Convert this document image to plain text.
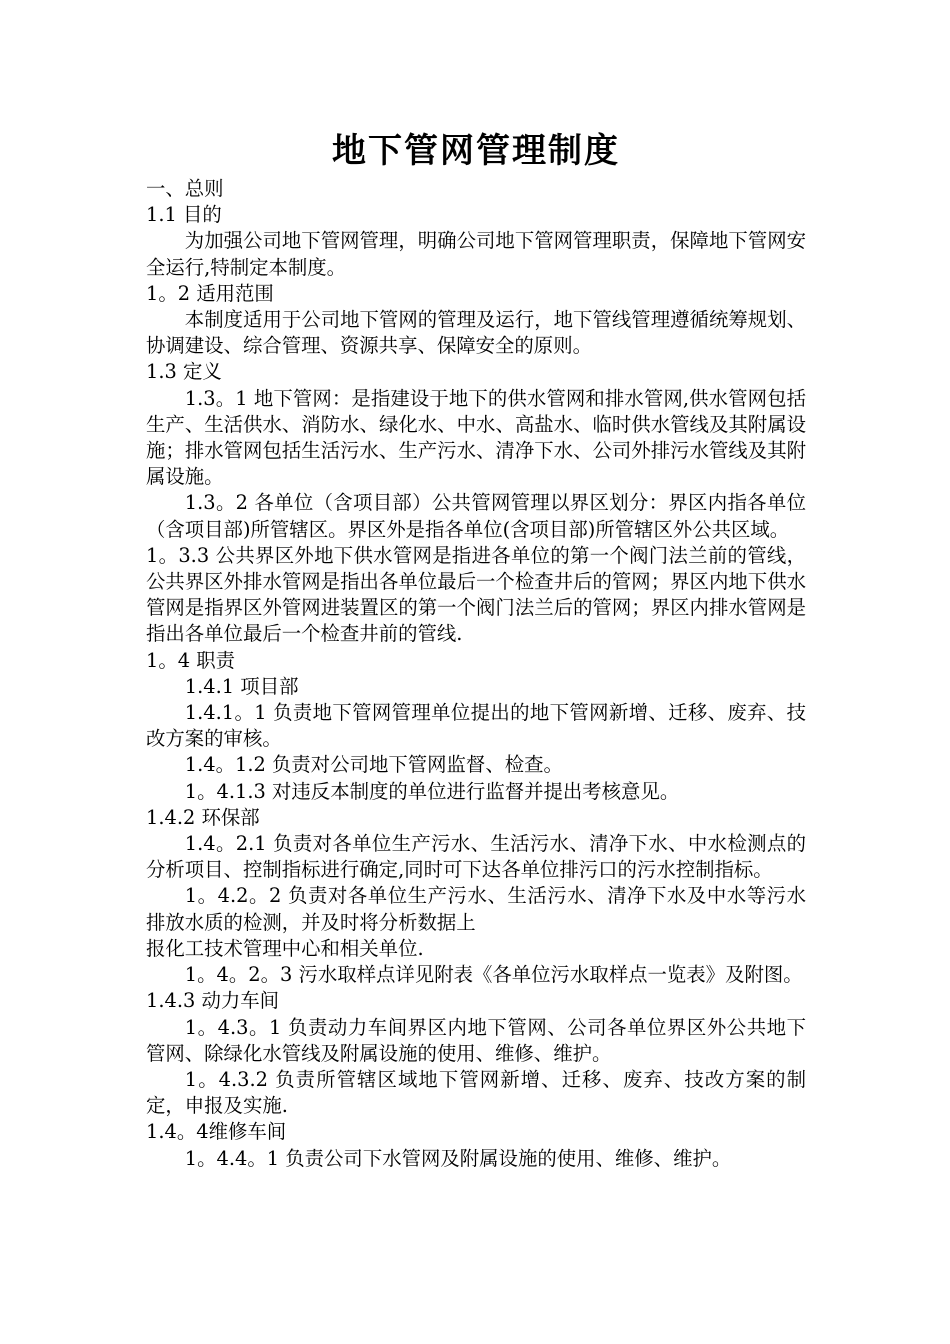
地下管网管理制度

一、总则

1.1 目的

为加强公司地下管网管理，明确公司地下管网管理职责，保障地下管网安全运行,特制定本制度。

1。2 适用范围

本制度适用于公司地下管网的管理及运行，地下管线管理遵循统筹规划、协调建设、综合管理、资源共享、保障安全的原则。

1.3 定义

1.3。1 地下管网：是指建设于地下的供水管网和排水管网,供水管网包括生产、生活供水、消防水、绿化水、中水、高盐水、临时供水管线及其附属设施；排水管网包括生活污水、生产污水、清净下水、公司外排污水管线及其附属设施。

1.3。2 各单位（含项目部）公共管网管理以界区划分：界区内指各单位（含项目部)所管辖区。界区外是指各单位(含项目部)所管辖区外公共区域。

1。3.3 公共界区外地下供水管网是指进各单位的第一个阀门法兰前的管线，公共界区外排水管网是指出各单位最后一个检查井后的管网；界区内地下供水管网是指界区外管网进装置区的第一个阀门法兰后的管网；界区内排水管网是指出各单位最后一个检查井前的管线.

1。4 职责

1.4.1 项目部

1.4.1。1 负责地下管网管理单位提出的地下管网新增、迁移、废弃、技改方案的审核。

1.4。1.2 负责对公司地下管网监督、检查。

1。4.1.3 对违反本制度的单位进行监督并提出考核意见。

1.4.2 环保部

1.4。2.1 负责对各单位生产污水、生活污水、清净下水、中水检测点的分析项目、控制指标进行确定,同时可下达各单位排污口的污水控制指标。

1。4.2。2 负责对各单位生产污水、生活污水、清净下水及中水等污水排放水质的检测，并及时将分析数据上

报化工技术管理中心和相关单位.

1。4。2。3 污水取样点详见附表《各单位污水取样点一览表》及附图。

1.4.3 动力车间

1。4.3。1 负责动力车间界区内地下管网、公司各单位界区外公共地下管网、除绿化水管线及附属设施的使用、维修、维护。

1。4.3.2 负责所管辖区域地下管网新增、迁移、废弃、技改方案的制定，申报及实施.

1.4。4维修车间

1。4.4。1 负责公司下水管网及附属设施的使用、维修、维护。
